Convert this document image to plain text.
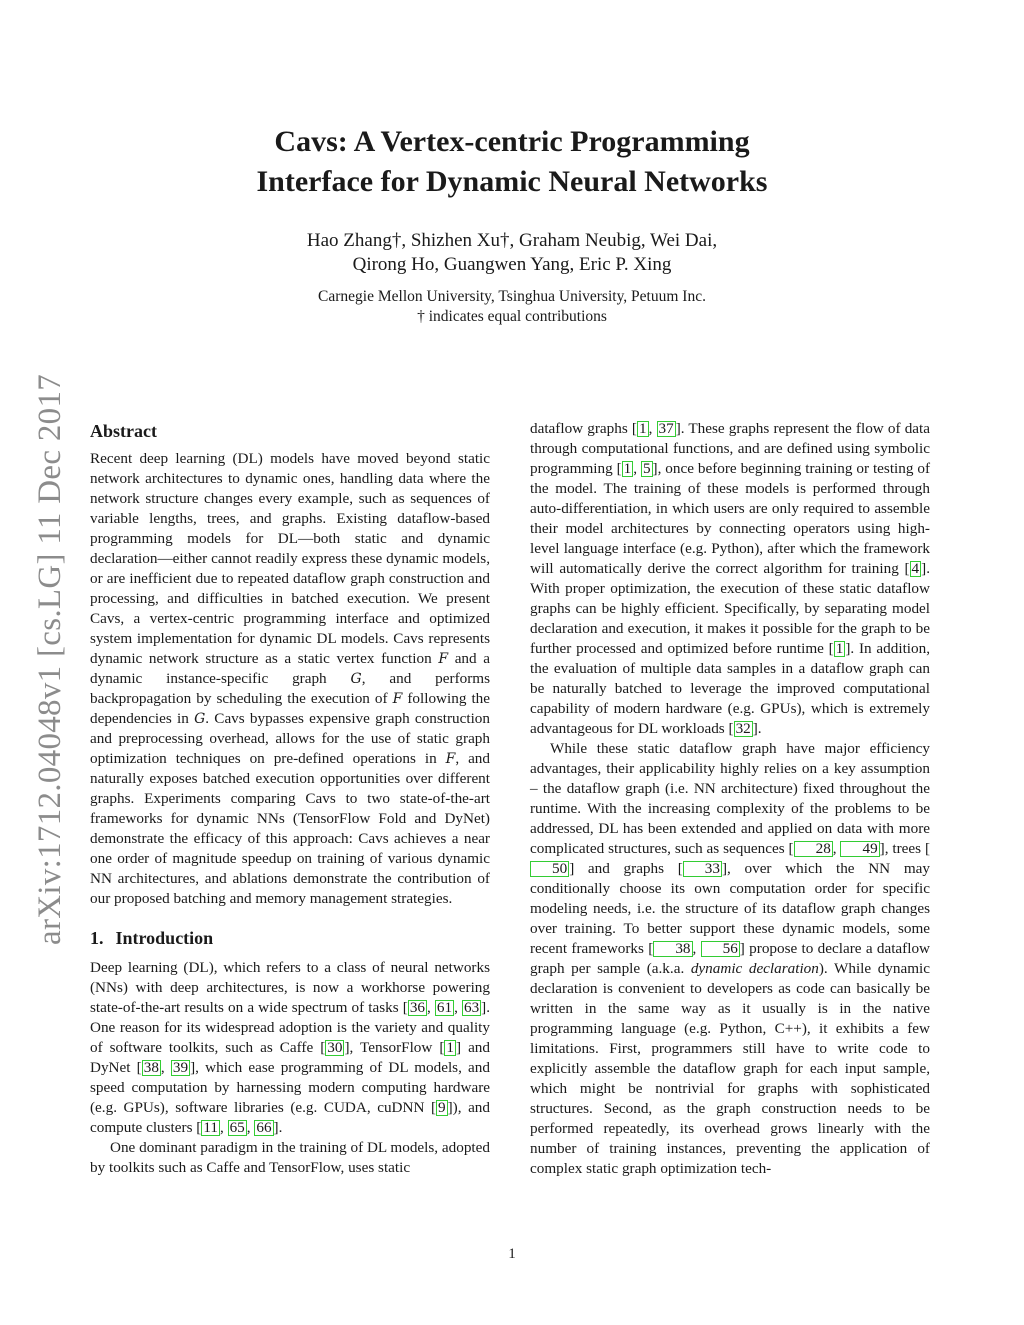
Cavs: A Vertex-centric Programming
Interface for Dynamic Neural Networks
Hao Zhang†, Shizhen Xu†, Graham Neubig, Wei Dai,
Qirong Ho, Guangwen Yang, Eric P. Xing
Carnegie Mellon University, Tsinghua University, Petuum Inc.
† indicates equal contributions
arXiv:1712.04048v1 [cs.LG] 11 Dec 2017 Abstract

Recent deep learning (DL) models have moved beyond static network architectures to dynamic ones, handling data where the network structure changes every example, such as sequences of variable lengths, trees, and graphs. Existing dataflow-based programming models for DL—both static and dynamic declaration—either cannot readily express these dynamic models, or are inefficient due to repeated dataflow graph construction and processing, and difficulties in batched execution. We present Cavs, a vertex-centric programming interface and optimized system implementation for dynamic DL models. Cavs represents dynamic network structure as a static vertex function F and a dynamic instance-specific graph G, and performs backpropagation by scheduling the execution of F following the dependencies in G. Cavs bypasses expensive graph construction and preprocessing overhead, allows for the use of static graph optimization techniques on pre-defined operations in F, and naturally exposes batched execution opportunities over different graphs. Experiments comparing Cavs to two state-of-the-art frameworks for dynamic NNs (TensorFlow Fold and DyNet) demonstrate the efficacy of this approach: Cavs achieves a near one order of magnitude speedup on training of various dynamic NN architectures, and ablations demonstrate the contribution of our proposed batching and memory management strategies.

1. Introduction

Deep learning (DL), which refers to a class of neural networks (NNs) with deep architectures, is now a workhorse powering state-of-the-art results on a wide spectrum of tasks [ 36 , 61 , 63 ]. One reason for its widespread adoption is the variety and quality of software toolkits, such as Caffe [ 30 ], TensorFlow [ 1 ] and DyNet [ 38 , 39 ], which ease programming of DL models, and speed computation by harnessing modern computing hardware (e.g. GPUs), software libraries (e.g. CUDA, cuDNN [ 9 ]), and compute clusters [ 11 , 65 , 66 ].

One dominant paradigm in the training of DL models, adopted by toolkits such as Caffe and TensorFlow, uses static

dataflow graphs [ 1 , 37 ]. These graphs represent the flow of data through computational functions, and are defined using symbolic programming [ 1 , 5 ], once before beginning training or testing of the model. The training of these models is performed through auto-differentiation, in which users are only required to assemble their model architectures by connecting operators using high-level language interface (e.g. Python), after which the framework will automatically derive the correct algorithm for training [ 4 ]. With proper optimization, the execution of these static dataflow graphs can be highly efficient. Specifically, by separating model declaration and execution, it makes it possible for the graph to be further processed and optimized before runtime [ 1 ]. In addition, the evaluation of multiple data samples in a dataflow graph can be naturally batched to leverage the improved computational capability of modern hardware (e.g. GPUs), which is extremely advantageous for DL workloads [ 32 ].

While these static dataflow graph have major efficiency advantages, their applicability highly relies on a key assumption – the dataflow graph (i.e. NN architecture) fixed throughout the runtime. With the increasing complexity of the problems to be addressed, DL has been extended and applied on data with more complicated structures, such as sequences [ 28 , 49 ], trees [50 ] and graphs [ 33 ], over which the NN may conditionally choose its own computation order for specific modeling needs, i.e. the structure of its dataflow graph changes over training. To better support these dynamic models, some recent frameworks [ 38 , 56 ] propose to declare a dataflow graph per sample (a.k.a. dynamic declaration). While dynamic declaration is convenient to developers as code can basically be written in the same way as it usually is in the native programming language (e.g. Python, C++), it exhibits a few limitations. First, programmers still have to write code to explicitly assemble the dataflow graph for each input sample, which might be nontrivial for graphs with sophisticated structures. Second, as the graph construction needs to be performed repeatedly, its overhead grows linearly with the number of training instances, preventing the application of complex static graph optimization tech-

1
